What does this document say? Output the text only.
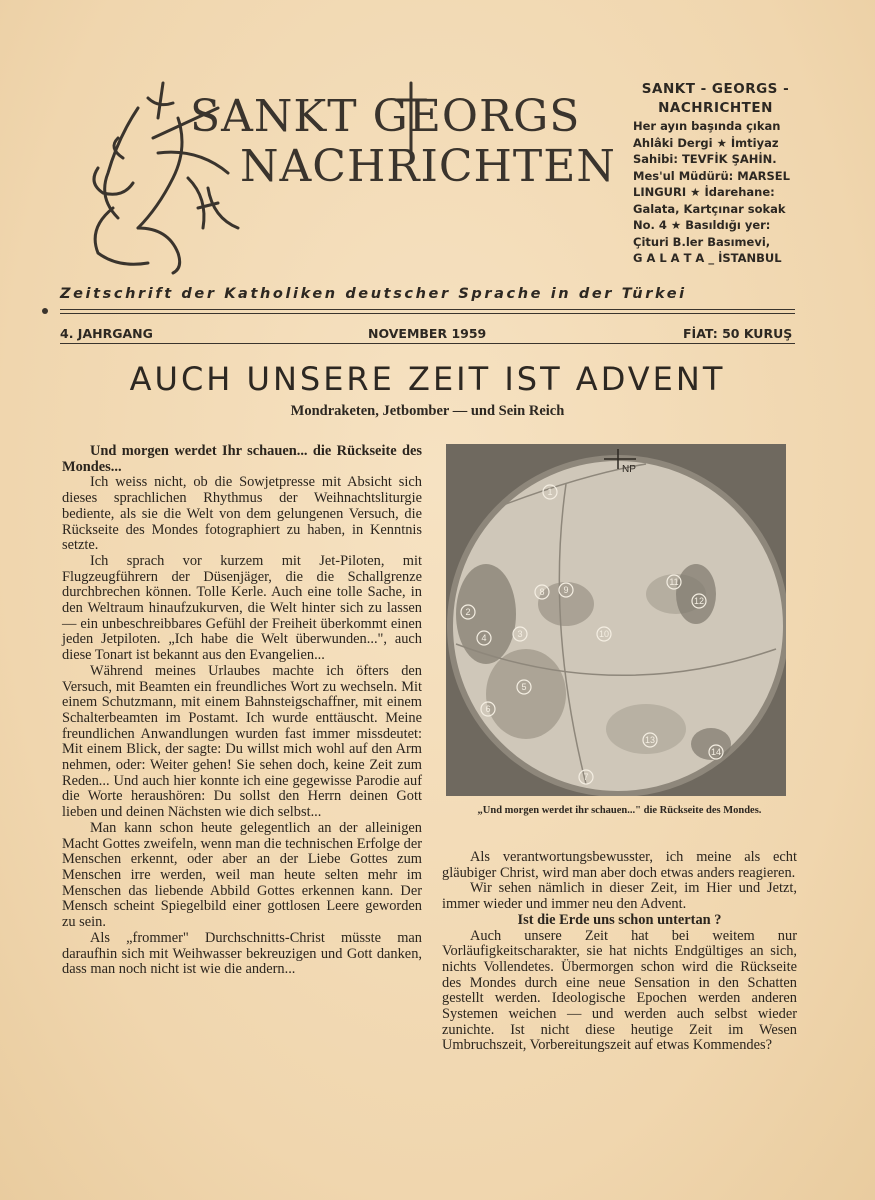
SANKT GEORGS
NACHRICHTEN
SANKT - GEORGS -
NACHRICHTEN
Her ayın başında çıkan
Ahlâki Dergi ★ İmtiyaz
Sahibi: TEVFİK ŞAHİN.
Mes'ul Müdürü: MARSEL
LINGURI ★ İdarehane:
Galata, Kartçınar sokak
No. 4 ★ Basıldığı yer:
Çituri B.ler Basımevi,
G A L A T A _ İSTANBUL
Zeitschrift der Katholiken deutscher Sprache in der Türkei
4. JAHRGANG	NOVEMBER 1959	FİAT: 50 KURUŞ
AUCH UNSERE ZEIT IST ADVENT
Mondraketen, Jetbomber — und Sein Reich

Und morgen werdet Ihr schauen... die Rückseite des Mondes...

Ich weiss nicht, ob die Sowjetpresse mit Absicht sich dieses sprachlichen Rhythmus der Weihnachtsliturgie bediente, als sie die Welt von dem gelungenen Versuch, die Rückseite des Mondes fotographiert zu haben, in Kenntnis setzte.

Ich sprach vor kurzem mit Jet-Piloten, mit Flugzeugführern der Düsenjäger, die die Schallgrenze durchbrechen können. Tolle Kerle. Auch eine tolle Sache, in den Weltraum hinaufzukurven, die Welt hinter sich zu lassen — ein unbeschreibbares Gefühl der Freiheit überkommt einen jeden Jetpiloten. „Ich habe die Welt überwunden...", auch diese Tonart ist bekannt aus den Evangelien...

Während meines Urlaubes machte ich öfters den Versuch, mit Beamten ein freundliches Wort zu wechseln. Mit einem Schutzmann, mit einem Bahnsteigschaffner, mit einem Schalterbeamten im Postamt. Ich wurde enttäuscht. Meine freundlichen Anwandlungen wurden fast immer missdeutet: Mit einem Blick, der sagte: Du willst mich wohl auf den Arm nehmen, oder: Weiter gehen! Sie sehen doch, keine Zeit zum Reden... Und auch hier konnte ich eine gegewisse Parodie auf die Worte heraushören: Du sollst den Herrn deinen Gott lieben und deinen Nächsten wie dich selbst...

Man kann schon heute gelegentlich an der alleinigen Macht Gottes zweifeln, wenn man die technischen Erfolge der Menschen erkennt, oder aber an der Liebe Gottes zum Menschen irre werden, weil man heute selten mehr im Menschen das liebende Abbild Gottes erkennen kann. Der Mensch scheint Spiegelbild einer gottlosen Leere geworden zu sein.

Als „frommer" Durchschnitts-Christ müsste man daraufhin sich mit Weihwasser bekreuzigen und Gott danken, dass man noch nicht ist wie die andern...

NP
1
2
3
4
5
6
7
8 9
10
11
12
13
14
„Und morgen werdet ihr schauen..." die Rückseite des Mondes.

Als verantwortungsbewusster, ich meine als echt gläubiger Christ, wird man aber doch etwas anders reagieren.

Wir sehen nämlich in dieser Zeit, im Hier und Jetzt, immer wieder und immer neu den Advent.

Ist die Erde uns schon untertan ?

Auch unsere Zeit hat bei weitem nur Vorläufigkeitscharakter, sie hat nichts Endgültiges an sich, nichts Vollendetes. Übermorgen schon wird die Rückseite des Mondes durch eine neue Sensation in den Schatten gestellt werden. Ideologische Epochen werden anderen Systemen weichen — und werden auch selbst wieder zunichte. Ist nicht diese heutige Zeit im Wesen Umbruchszeit, Vorbereitungszeit auf etwas Kommendes?
